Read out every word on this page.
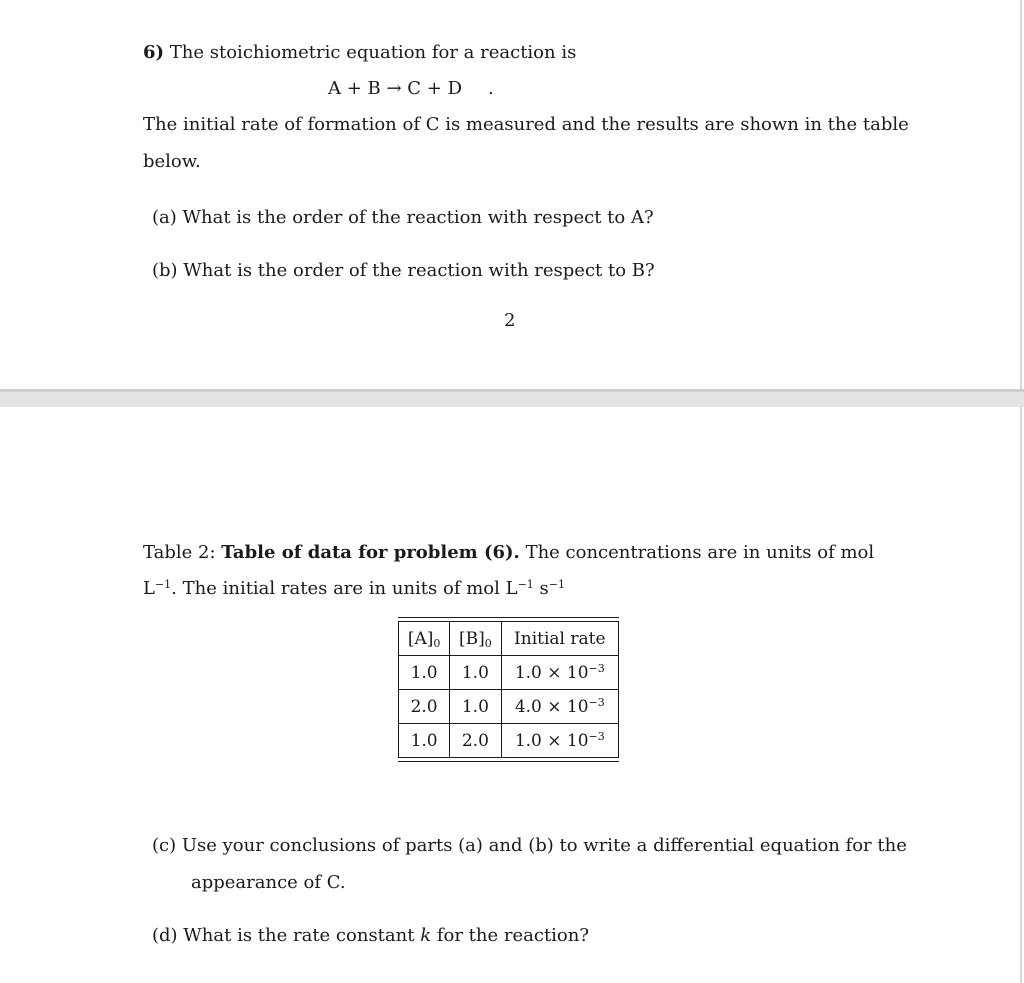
6) The stoichiometric equation for a reaction is
A + B → C + D .
The initial rate of formation of C is measured and the results are shown in the table
below.
(a) What is the order of the reaction with respect to A?
(b) What is the order of the reaction with respect to B?
2
Table 2: Table of data for problem (6). The concentrations are in units of mol
$L^{-1}$. The initial rates are in units of mol $L^{-1}$ $s^{-1}$
$[A]_0$	$[B]_0$	Initial rate
1.0	1.0	$1.0 \times 10^{-3}$
2.0	1.0	$4.0 \times 10^{-3}$
1.0	2.0	$1.0 \times 10^{-3}$
(c) Use your conclusions of parts (a) and (b) to write a differential equation for the
appearance of C.
(d) What is the rate constant k for the reaction?
